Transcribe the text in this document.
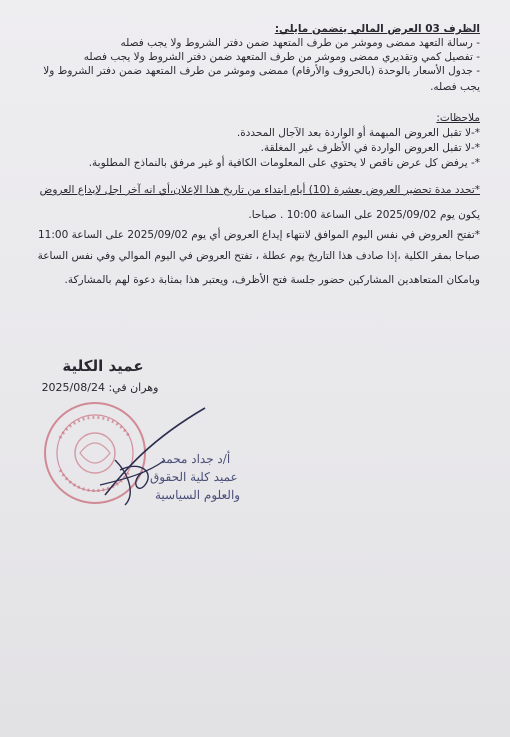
الظرف 03 العرض المالي يتضمن مايلي:
- رسالة التعهد ممضى وموشر من طرف المتعهد ضمن دفتر الشروط ولا يجب فصله
- تفصيل كمي وتقديري ممضى وموشر من طرف المتعهد ضمن دفتر الشروط ولا يجب فصله
- جدول الأسعار بالوحدة (بالحروف والأرقام) ممضى وموشر من طرف المتعهد ضمن دفتر الشروط ولا
يجب فصله.
ملاحظات:
*-لا تقبل العروض المبهمة أو الواردة بعد الآجال المحددة.
*-لا تقبل العروض الواردة في الأظرف غير المغلقة.
*- يرفض كل عرض ناقص لا يحتوي على المعلومات الكافية أو غير مرفق بالنماذج المطلوبة.
*تحدد مدة تحضير العروض بعشرة (10) أيام ابتداء من تاريخ هذا الإعلان،أي انه آخر اجل لإيداع العروض
يكون يوم 2025/09/02 على الساعة 10:00 . صباحا.
*تفتح العروض في نفس اليوم الموافق لانتهاء إيداع العروض أي يوم 2025/09/02 على الساعة 11:00
صباحا بمقر الكلية ،إذا صادف هذا التاريخ يوم عطلة ، تفتح العروض في اليوم الموالي وفي نفس الساعة
وبامكان المتعاهدين المشاركين حضور جلسة فتح الأظرف، ويعتبر هذا بمثابة دعوة لهم بالمشاركة.
عميد الكلية
وهران في: 2025/08/24
أ/د جداد محمد
عميد كلية الحقوق
والعلوم السياسية
